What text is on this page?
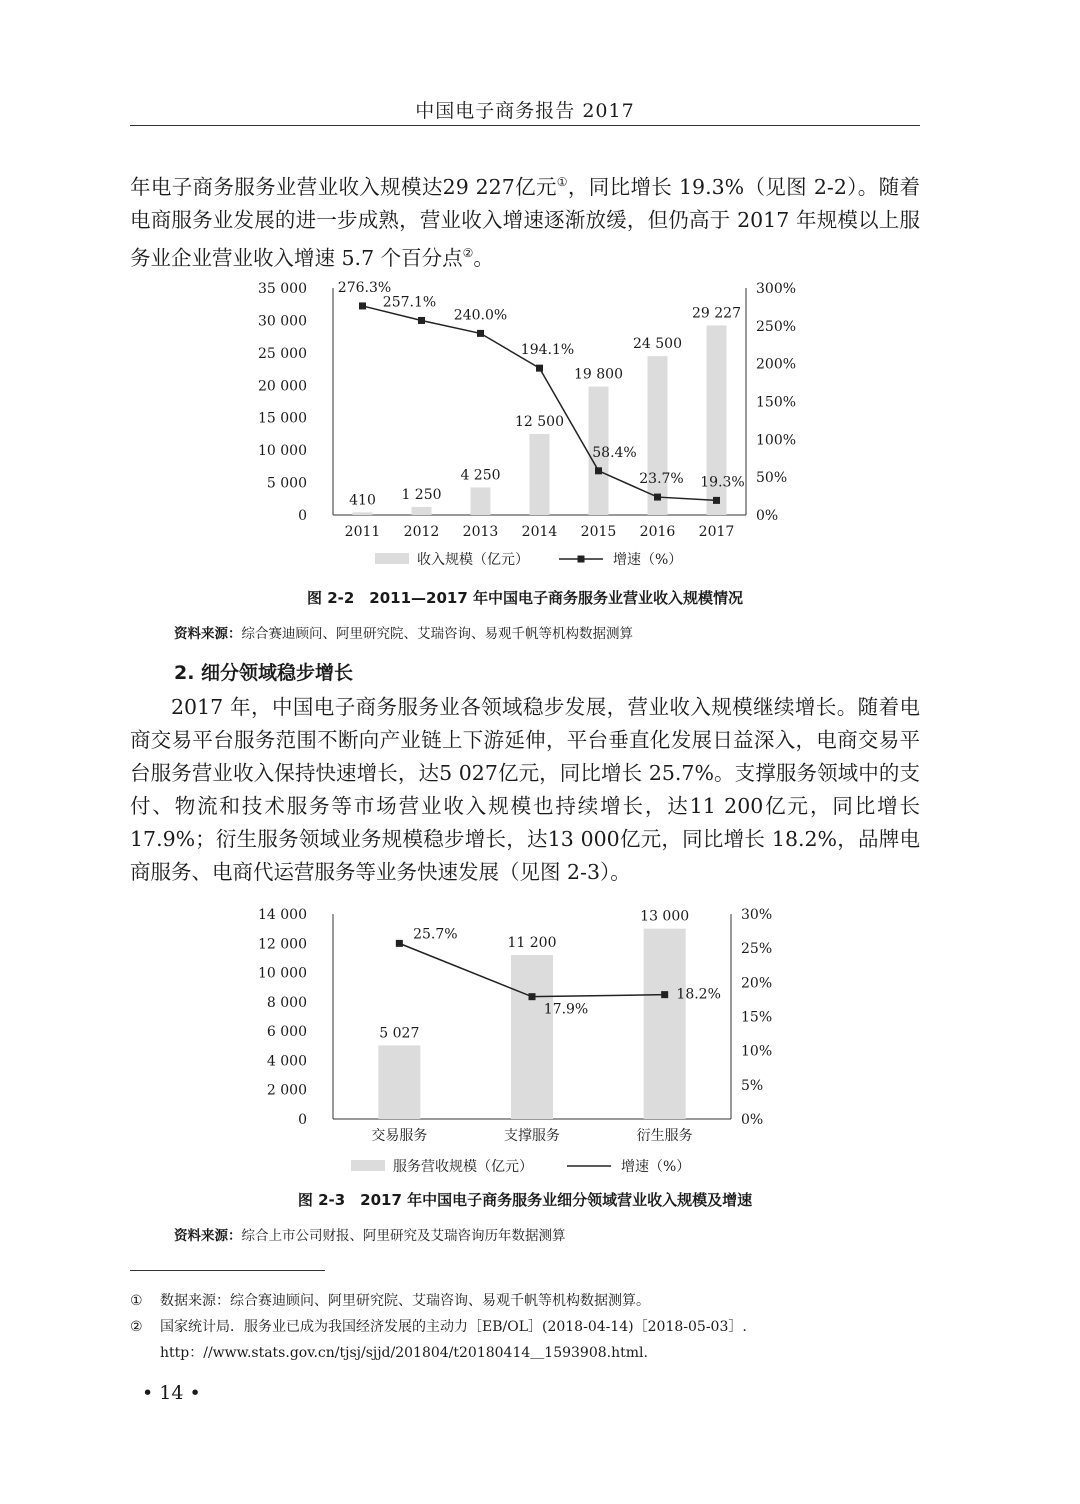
中国电子商务报告 2017

年电子商务服务业营业收入规模达29 227亿元①，同比增长 19.3%（见图 2-2）。随着电商服务业发展的进一步成熟，营业收入增速逐渐放缓，但仍高于 2017 年规模以上服务业企业营业收入增速 5.7 个百分点②。

0
5 000
10 000
15 000
20 000
25 000
30 000
35 000
0%
50%
100%
150%
200%
250%
300%
410 1 250
4 250
12 500
19 800
24 500
29 227
2011 2012 2013 2014 2015 2016 2017
276.3%
257.1%
240.0%
194.1%
58.4%
23.7% 19.3%
收入规模（亿元）	增速（%）
图 2-2　2011—2017 年中国电子商务服务业营业收入规模情况
资料来源：综合赛迪顾问、阿里研究院、艾瑞咨询、易观千帆等机构数据测算
2. 细分领域稳步增长

2017 年，中国电子商务服务业各领域稳步发展，营业收入规模继续增长。随着电商交易平台服务范围不断向产业链上下游延伸，平台垂直化发展日益深入，电商交易平台服务营业收入保持快速增长，达5 027亿元，同比增长 25.7%。支撑服务领域中的支付、物流和技术服务等市场营业收入规模也持续增长，达11 200亿元，同比增长 17.9%；衍生服务领域业务规模稳步增长，达13 000亿元，同比增长 18.2%，品牌电商服务、电商代运营服务等业务快速发展（见图 2-3）。

0
2 000
4 000
6 000
8 000
10 000
12 000
14 000
0%
5%
10%
15%
20%
25%
30%
5 027
11 200
13 000
交易服务	支撑服务	衍生服务
25.7%
17.9%
18.2%
服务营收规模（亿元）	增速（%）
图 2-3　2017 年中国电子商务服务业细分领域营业收入规模及增速
资料来源：综合上市公司财报、阿里研究及艾瑞咨询历年数据测算
①	数据来源：综合赛迪顾问、阿里研究院、艾瑞咨询、易观千帆等机构数据测算。
②	国家统计局．服务业已成为我国经济发展的主动力［EB/OL］(2018-04-14)［2018-05-03］.
http：//www.stats.gov.cn/tjsj/sjjd/201804/t20180414＿1593908.html.
• 14 •
